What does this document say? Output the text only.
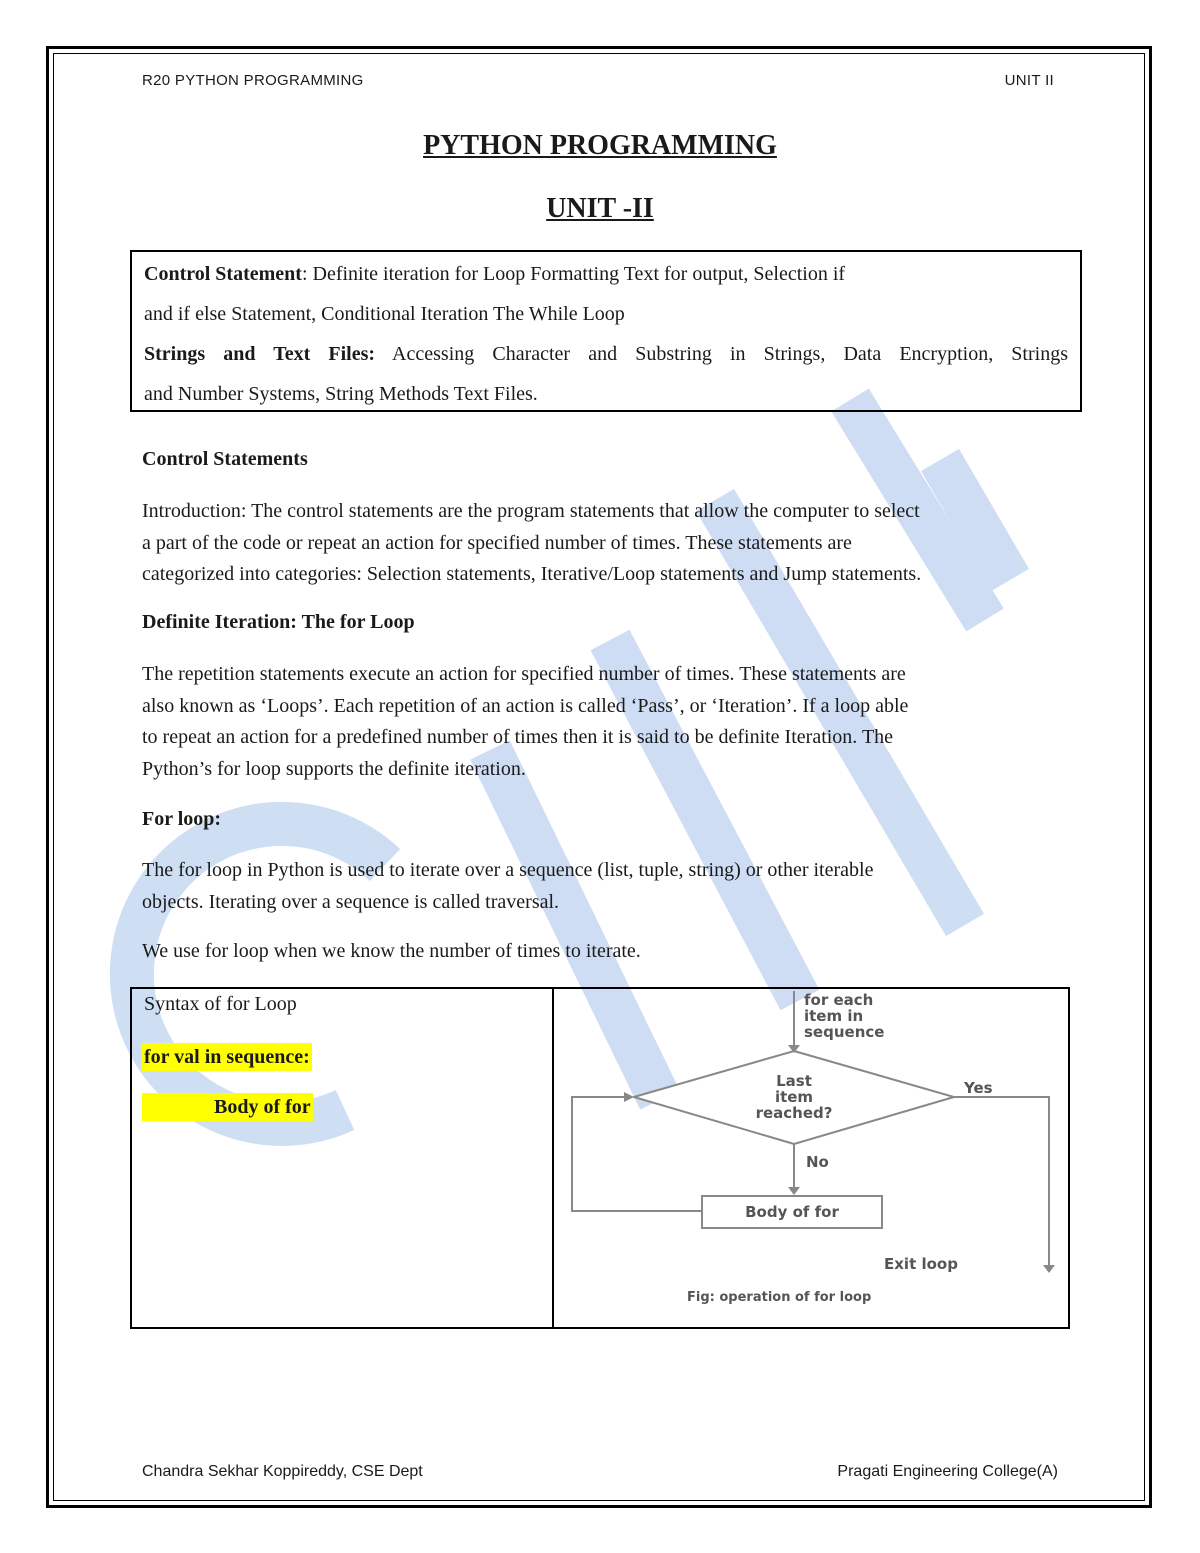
R20 PYTHON PROGRAMMING	UNIT II
PYTHON PROGRAMMING
UNIT -II

Control Statement: Definite iteration for Loop Formatting Text for output, Selection if

and if else Statement, Conditional Iteration The While Loop

Strings and Text Files: Accessing Character and Substring in Strings, Data Encryption, Strings

and Number Systems, String Methods Text Files.

Control Statements
Introduction: The control statements are the program statements that allow the computer to select
a part of the code or repeat an action for specified number of times. These statements are
categorized into categories: Selection statements, Iterative/Loop statements and Jump statements.
Definite Iteration: The for Loop
The repetition statements execute an action for specified number of times. These statements are
also known as ‘Loops’. Each repetition of an action is called ‘Pass’, or ‘Iteration’. If a loop able
to repeat an action for a predefined number of times then it is said to be definite Iteration. The
Python’s for loop supports the definite iteration.
For loop:
The for loop in Python is used to iterate over a sequence (list, tuple, string) or other iterable
objects. Iterating over a sequence is called traversal.
We use for loop when we know the number of times to iterate.
Syntax of for Loop
for val in sequence:
Body of for
for each
item in
sequence
Last
item
reached?
Yes
No
Body of for
Exit loop
Fig: operation of for loop
Chandra Sekhar Koppireddy, CSE Dept	Pragati Engineering College(A)
